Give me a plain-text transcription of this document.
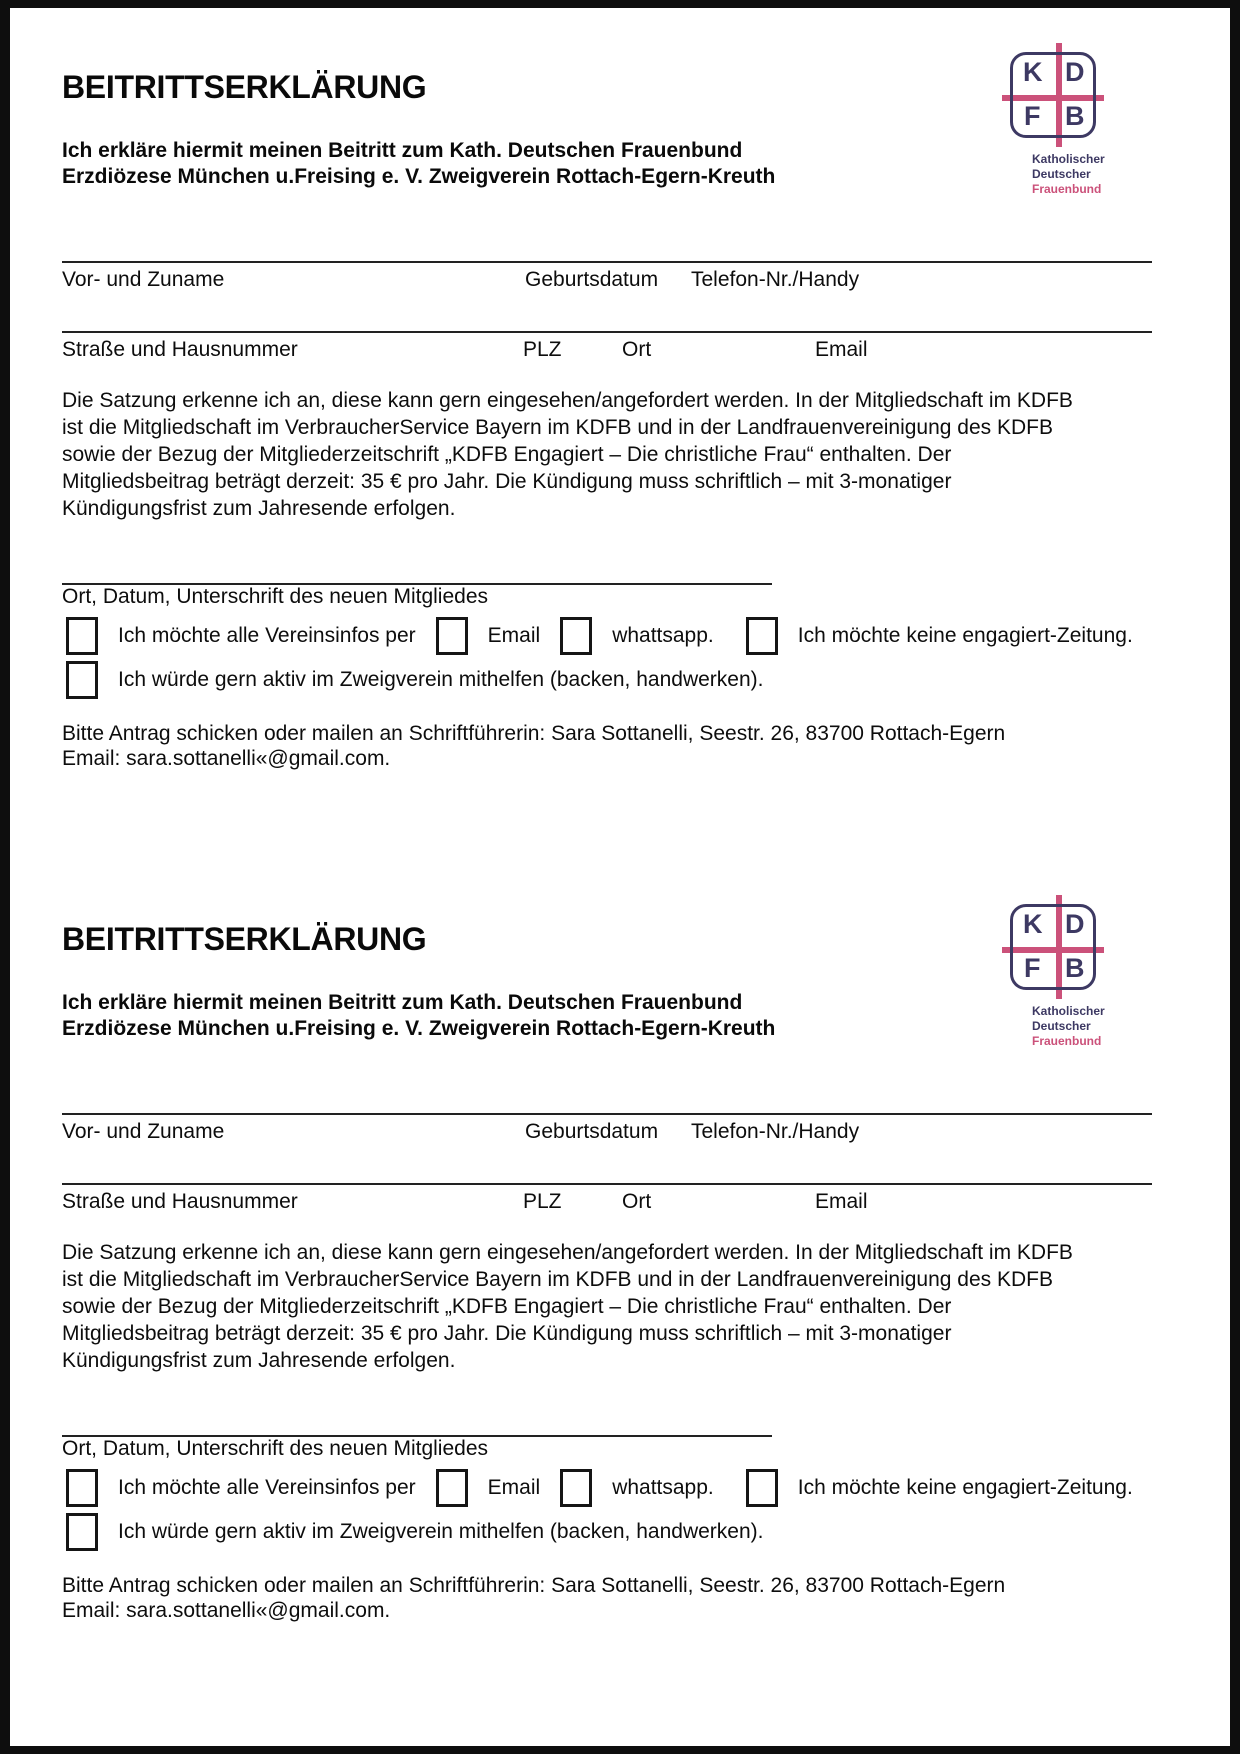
BEITRITTSERKLÄRUNG
Ich erkläre hiermit meinen Beitritt zum Kath. Deutschen Frauenbund
Erzdiözese München u.Freising e. V. Zweigverein Rottach-Egern-Kreuth
K D
F B
Katholischer
Deutscher
Frauenbund
Vor- und Zuname	Geburtsdatum Telefon-Nr./Handy
Straße und Hausnummer	PLZ	Ort	Email
Die Satzung erkenne ich an, diese kann gern eingesehen/angefordert werden. In der Mitgliedschaft im KDFB
ist die Mitgliedschaft im VerbraucherService Bayern im KDFB und in der Landfrauenvereinigung des KDFB
sowie der Bezug der Mitgliederzeitschrift „KDFB Engagiert – Die christliche Frau“ enthalten. Der
Mitgliedsbeitrag beträgt derzeit: 35 € pro Jahr. Die Kündigung muss schriftlich – mit 3-monatiger
Kündigungsfrist zum Jahresende erfolgen.
Ort, Datum, Unterschrift des neuen Mitgliedes
Ich möchte alle Vereinsinfos per	Email	whattsapp.	Ich möchte keine engagiert-Zeitung.
Ich würde gern aktiv im Zweigverein mithelfen (backen, handwerken).
Bitte Antrag schicken oder mailen an Schriftführerin: Sara Sottanelli, Seestr. 26, 83700 Rottach-Egern
Email: sara.sottanelli«@gmail.com.
BEITRITTSERKLÄRUNG
Ich erkläre hiermit meinen Beitritt zum Kath. Deutschen Frauenbund
Erzdiözese München u.Freising e. V. Zweigverein Rottach-Egern-Kreuth
K D
F B
Katholischer
Deutscher
Frauenbund
Vor- und Zuname	Geburtsdatum Telefon-Nr./Handy
Straße und Hausnummer	PLZ	Ort	Email
Die Satzung erkenne ich an, diese kann gern eingesehen/angefordert werden. In der Mitgliedschaft im KDFB
ist die Mitgliedschaft im VerbraucherService Bayern im KDFB und in der Landfrauenvereinigung des KDFB
sowie der Bezug der Mitgliederzeitschrift „KDFB Engagiert – Die christliche Frau“ enthalten. Der
Mitgliedsbeitrag beträgt derzeit: 35 € pro Jahr. Die Kündigung muss schriftlich – mit 3-monatiger
Kündigungsfrist zum Jahresende erfolgen.
Ort, Datum, Unterschrift des neuen Mitgliedes
Ich möchte alle Vereinsinfos per	Email	whattsapp.	Ich möchte keine engagiert-Zeitung.
Ich würde gern aktiv im Zweigverein mithelfen (backen, handwerken).
Bitte Antrag schicken oder mailen an Schriftführerin: Sara Sottanelli, Seestr. 26, 83700 Rottach-Egern
Email: sara.sottanelli«@gmail.com.
